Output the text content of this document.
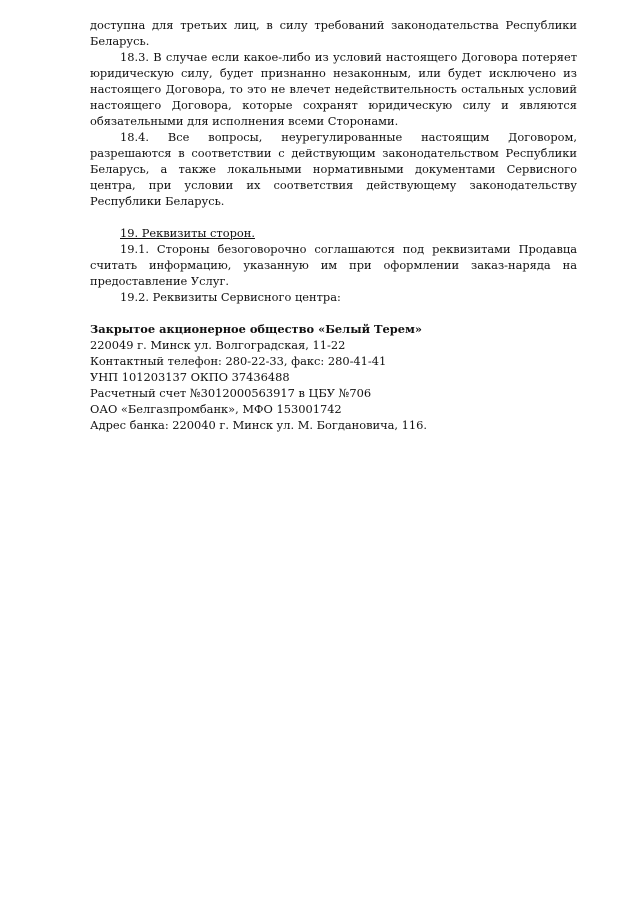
доступна для третьих лиц, в силу требований законодательства Республики Беларусь.

18.3. В случае если какое-либо из условий настоящего Договора потеряет юридическую силу, будет признанно незаконным, или будет исключено из настоящего Договора, то это не влечет недействительность остальных условий настоящего Договора, которые сохранят юридическую силу и являются обязательными для исполнения всеми Сторонами.

18.4. Все вопросы, неурегулированные настоящим Договором, разрешаются в соответствии с действующим законодательством Республики Беларусь, а также локальными нормативными документами Сервисного центра, при условии их соответствия действующему законодательству Республики Беларусь.

19. Реквизиты сторон.

19.1. Стороны безоговорочно соглашаются под реквизитами Продавца считать информацию, указанную им при оформлении заказ-наряда на предоставление Услуг.

19.2. Реквизиты Сервисного центра:

Закрытое акционерное общество «Белый Терем»

220049 г. Минск ул. Волгоградская, 11-22

Контактный телефон: 280-22-33, факс: 280-41-41

УНП 101203137 ОКПО 37436488

Расчетный счет №3012000563917 в ЦБУ №706

ОАО «Белгазпромбанк», МФО 153001742

Адрес банка: 220040 г. Минск ул. М. Богдановича, 116.
